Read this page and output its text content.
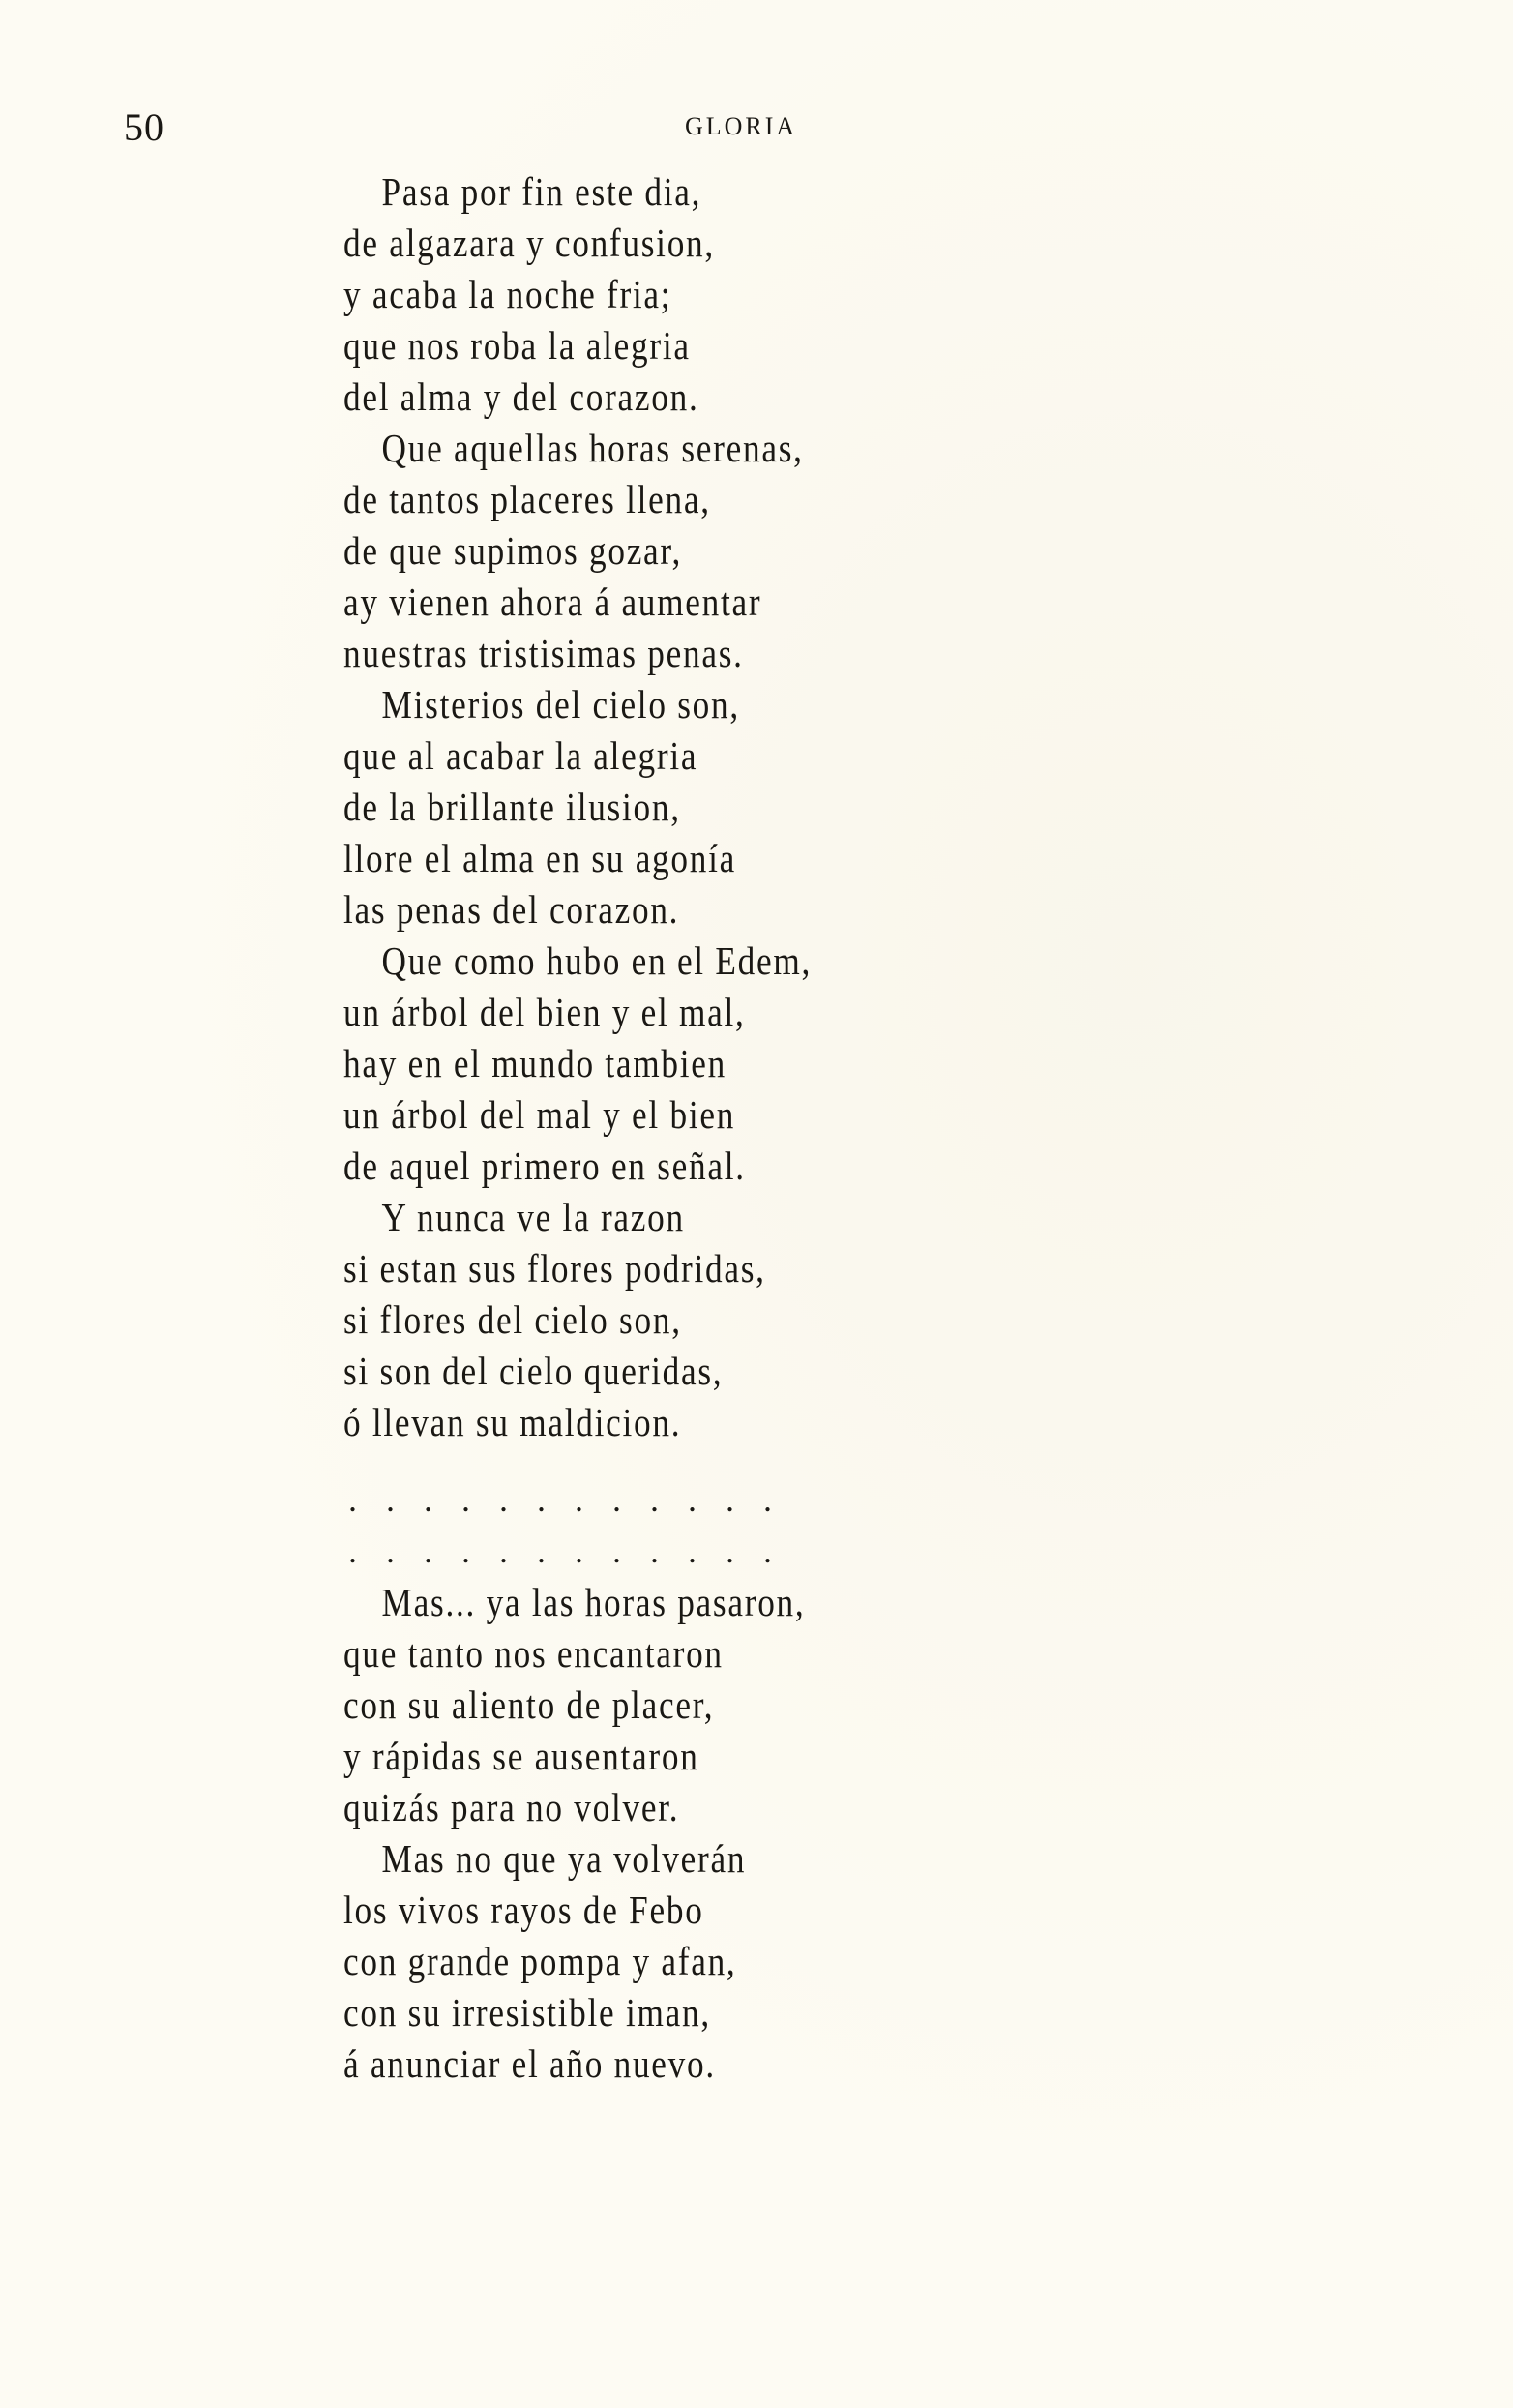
50	GLORIA
Pasa por fin este dia,
de algazara y confusion,
y acaba la noche fria;
que nos roba la alegria
del alma y del corazon.
Que aquellas horas serenas,
de tantos placeres llena,
de que supimos gozar,
ay vienen ahora á aumentar
nuestras tristisimas penas.
Misterios del cielo son,
que al acabar la alegria
de la brillante ilusion,
llore el alma en su agonía
las penas del corazon.
Que como hubo en el Edem,
un árbol del bien y el mal,
hay en el mundo tambien
un árbol del mal y el bien
de aquel primero en señal.
Y nunca ve la razon
si estan sus flores podridas,
si flores del cielo son,
si son del cielo queridas,
ó llevan su maldicion.
............
............
Mas... ya las horas pasaron,
que tanto nos encantaron
con su aliento de placer,
y rápidas se ausentaron
quizás para no volver.
Mas no que ya volverán
los vivos rayos de Febo
con grande pompa y afan,
con su irresistible iman,
á anunciar el año nuevo.
